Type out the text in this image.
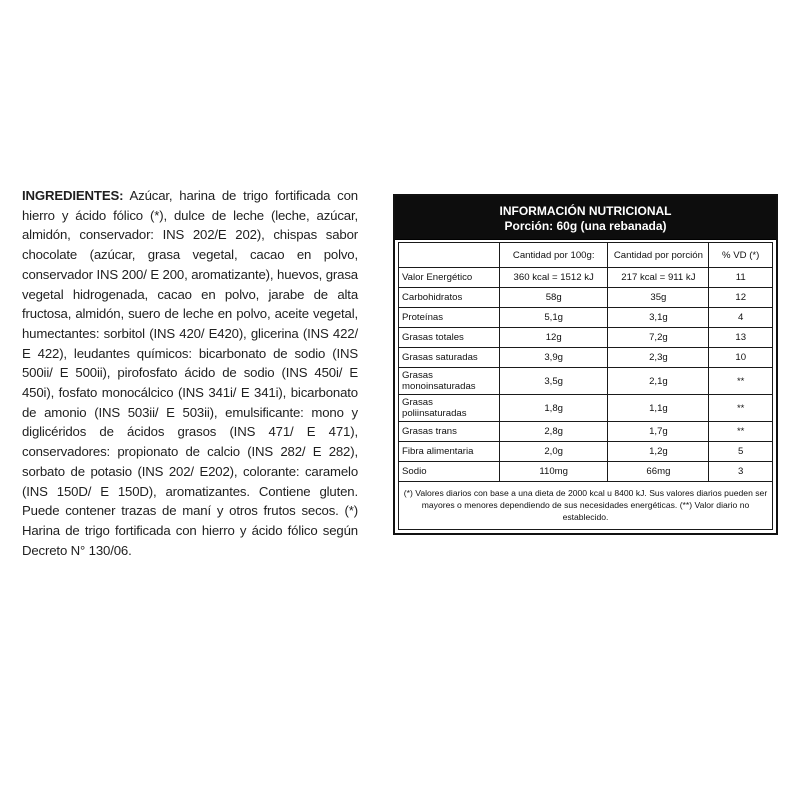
INGREDIENTES: Azúcar, harina de trigo fortificada con hierro y ácido fólico (*), dulce de leche (leche, azúcar, almidón, conservador: INS 202/E 202), chispas sabor chocolate (azúcar, grasa vegetal, cacao en polvo, conservador INS 200/ E 200, aromatizante), huevos, grasa vegetal hidrogenada, cacao en polvo, jarabe de alta fructosa, almidón, suero de leche en polvo, aceite vegetal, humectantes: sorbitol (INS 420/ E420), glicerina (INS 422/ E 422), leudantes químicos: bicarbonato de sodio (INS 500ii/ E 500ii), pirofosfato ácido de sodio (INS 450i/ E 450i), fosfato monocálcico (INS 341i/ E 341i), bicarbonato de amonio (INS 503ii/ E 503ii), emulsificante: mono y diglicéridos de ácidos grasos (INS 471/ E 471), conservadores: propionato de calcio (INS 282/ E 282), sorbato de potasio (INS 202/ E202), colorante: caramelo (INS 150D/ E 150D), aromatizantes. Contiene gluten. Puede contener trazas de maní y otros frutos secos. (*) Harina de trigo fortificada con hierro y ácido fólico según Decreto N° 130/06.
INFORMACIÓN NUTRICIONAL
Porción: 60g (una rebanada)
	Cantidad por 100g:	Cantidad por porción	% VD (*)
Valor Energético	360 kcal = 1512 kJ	217 kcal = 911 kJ	11
Carbohidratos	58g	35g	12
Proteínas	5,1g	3,1g	4
Grasas totales	12g	7,2g	13
Grasas saturadas	3,9g	2,3g	10
Grasas monoinsaturadas	3,5g	2,1g	**
Grasas poliinsaturadas	1,8g	1,1g	**
Grasas trans	2,8g	1,7g	**
Fibra alimentaria	2,0g	1,2g	5
Sodio	110mg	66mg	3
(*) Valores diarios con base a una dieta de 2000 kcal u 8400 kJ. Sus valores diarios pueden ser mayores o menores dependiendo de sus necesidades energéticas. (**) Valor diario no establecido.
